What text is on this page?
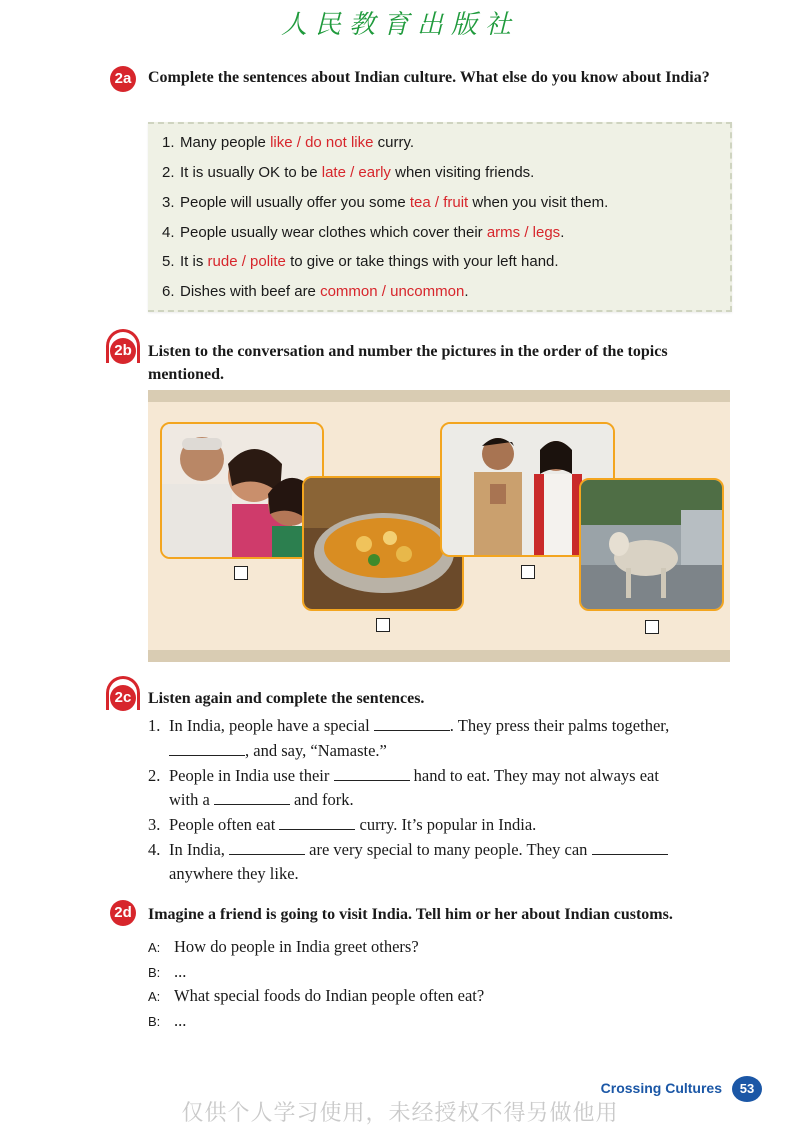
人民教育出版社
2a Complete the sentences about Indian culture. What else do you know about India?
1. Many people like / do not like curry.
2. It is usually OK to be late / early when visiting friends.
3. People will usually offer you some tea / fruit when you visit them.
4. People usually wear clothes which cover their arms / legs.
5. It is rude / polite to give or take things with your left hand.
6. Dishes with beef are common / uncommon.
2b Listen to the conversation and number the pictures in the order of the topics mentioned.
2c Listen again and complete the sentences.
1. In India, people have a special	. They press their palms together,
, and say, “Namaste.”
2. People in India use their	hand to eat. They may not always eat
with a	and fork.
3. People often eat	curry. It’s popular in India.
4. In India,	are very special to many people. They can
anywhere they like.
2d Imagine a friend is going to visit India. Tell him or her about Indian customs.
A: How do people in India greet others?
B: ...
A: What special foods do Indian people often eat?
B: ...
Crossing Cultures	53
仅供个人学习使用，未经授权不得另做他用
